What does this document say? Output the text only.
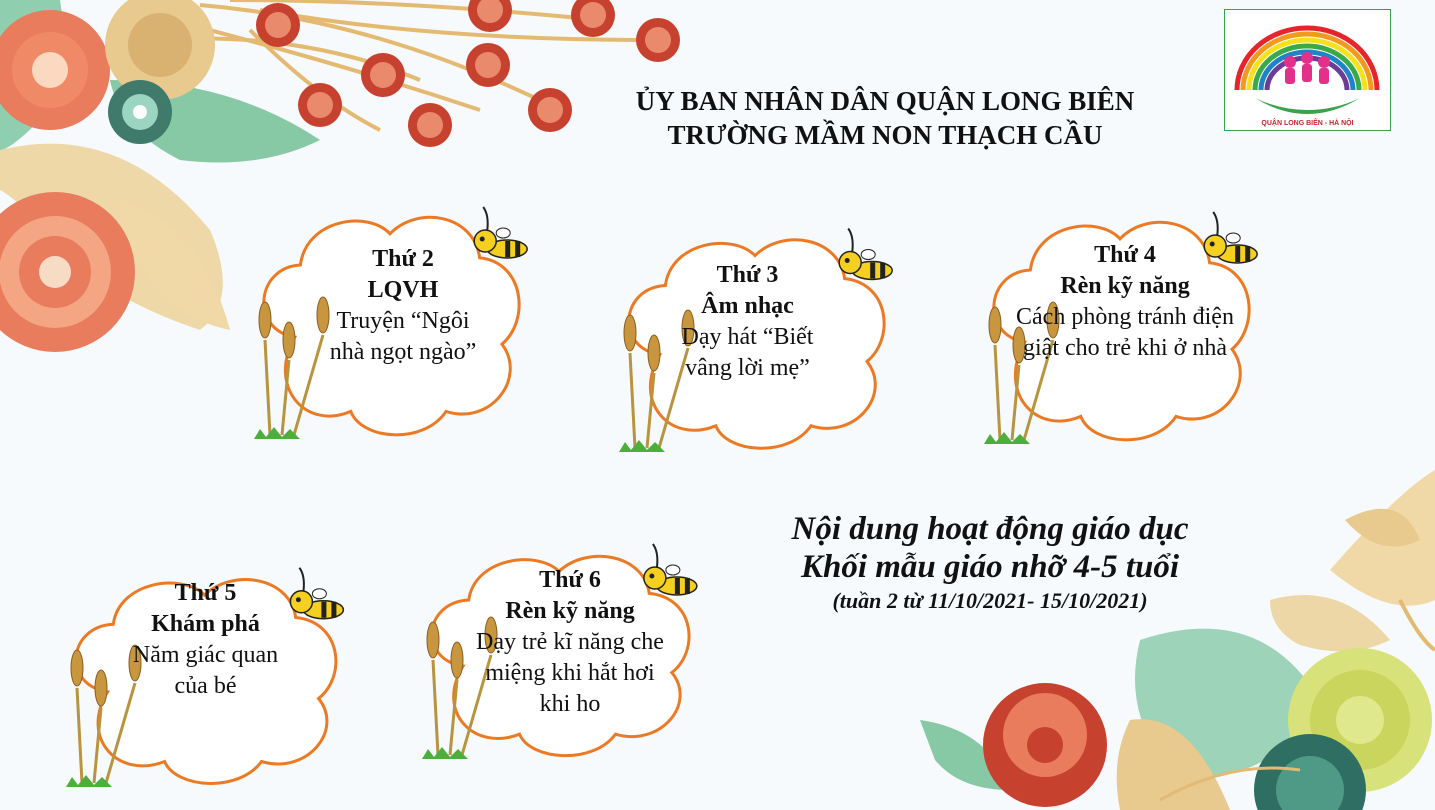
ỦY BAN NHÂN DÂN QUẬN LONG BIÊN
TRƯỜNG MẦM NON THẠCH CẦU	QUẬN LONG BIÊN - HÀ NỘI
Thứ 2
LQVH
Truyện “Ngôi nhà ngọt ngào”
Thứ 3
Âm nhạc
Dạy hát “Biết vâng lời mẹ”
Thứ 4
Rèn kỹ năng
Cách phòng tránh điện giật cho trẻ khi ở nhà
Thứ 5
Khám phá
Năm giác quan của bé
Thứ 6
Rèn kỹ năng
Dạy trẻ kĩ năng che miệng khi hắt hơi khi ho
Nội dung hoạt động giáo dục
Khối mẫu giáo nhỡ 4-5 tuổi
(tuần 2 từ 11/10/2021- 15/10/2021)
